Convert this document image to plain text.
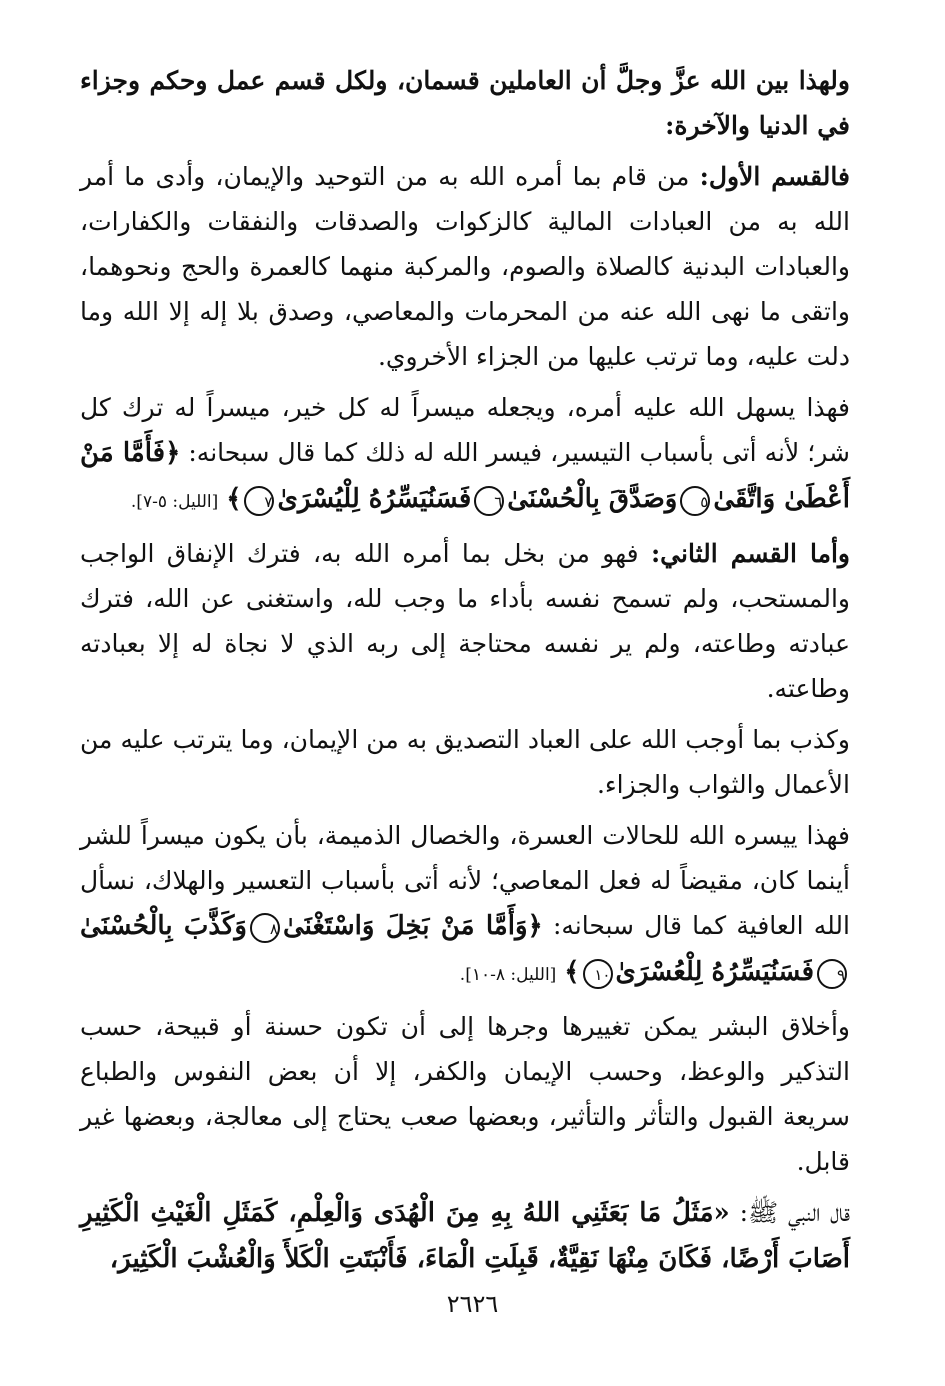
ولهذا بين الله عزَّ وجلَّ أن العاملين قسمان، ولكل قسم عمل وحكم وجزاء في الدنيا والآخرة:

فالقسم الأول: من قام بما أمره الله به من التوحيد والإيمان، وأدى ما أمر الله به من العبادات المالية كالزكوات والصدقات والنفقات والكفارات، والعبادات البدنية كالصلاة والصوم، والمركبة منهما كالعمرة والحج ونحوهما، واتقى ما نهى الله عنه من المحرمات والمعاصي، وصدق بلا إله إلا الله وما دلت عليه، وما ترتب عليها من الجزاء الأخروي.

فهذا يسهل الله عليه أمره، ويجعله ميسراً له كل خير، ميسراً له ترك كل شر؛ لأنه أتى بأسباب التيسير، فيسر الله له ذلك كما قال سبحانه: ﴿فَأَمَّا مَنْ أَعْطَىٰ وَاتَّقَىٰ٥وَصَدَّقَ بِالْحُسْنَىٰ٦فَسَنُيَسِّرُهُ لِلْيُسْرَىٰ٧﴾ [الليل: ٥-٧].

وأما القسم الثاني: فهو من بخل بما أمره الله به، فترك الإنفاق الواجب والمستحب، ولم تسمح نفسه بأداء ما وجب لله، واستغنى عن الله، فترك عبادته وطاعته، ولم ير نفسه محتاجة إلى ربه الذي لا نجاة له إلا بعبادته وطاعته.

وكذب بما أوجب الله على العباد التصديق به من الإيمان، وما يترتب عليه من الأعمال والثواب والجزاء.

فهذا ييسره الله للحالات العسرة، والخصال الذميمة، بأن يكون ميسراً للشر أينما كان، مقيضاً له فعل المعاصي؛ لأنه أتى بأسباب التعسير والهلاك، نسأل الله العافية كما قال سبحانه: ﴿وَأَمَّا مَنْ بَخِلَ وَاسْتَغْنَىٰ٨وَكَذَّبَ بِالْحُسْنَىٰ٩فَسَنُيَسِّرُهُ لِلْعُسْرَىٰ١٠﴾ [الليل: ٨-١٠].

وأخلاق البشر يمكن تغييرها وجرها إلى أن تكون حسنة أو قبيحة، حسب التذكير والوعظ، وحسب الإيمان والكفر، إلا أن بعض النفوس والطباع سريعة القبول والتأثر والتأثير، وبعضها صعب يحتاج إلى معالجة، وبعضها غير قابل.

قال النبي ﷺ: «مَثَلُ مَا بَعَثَنِي اللهُ بِهِ مِنَ الْهُدَى وَالْعِلْمِ، كَمَثَلِ الْغَيْثِ الْكَثِيرِ أَصَابَ أَرْضًا، فَكَانَ مِنْهَا نَقِيَّةٌ، قَبِلَتِ الْمَاءَ، فَأَنْبَتَتِ الْكَلأَ وَالْعُشْبَ الْكَثِيرَ،

٢٦٢٦
